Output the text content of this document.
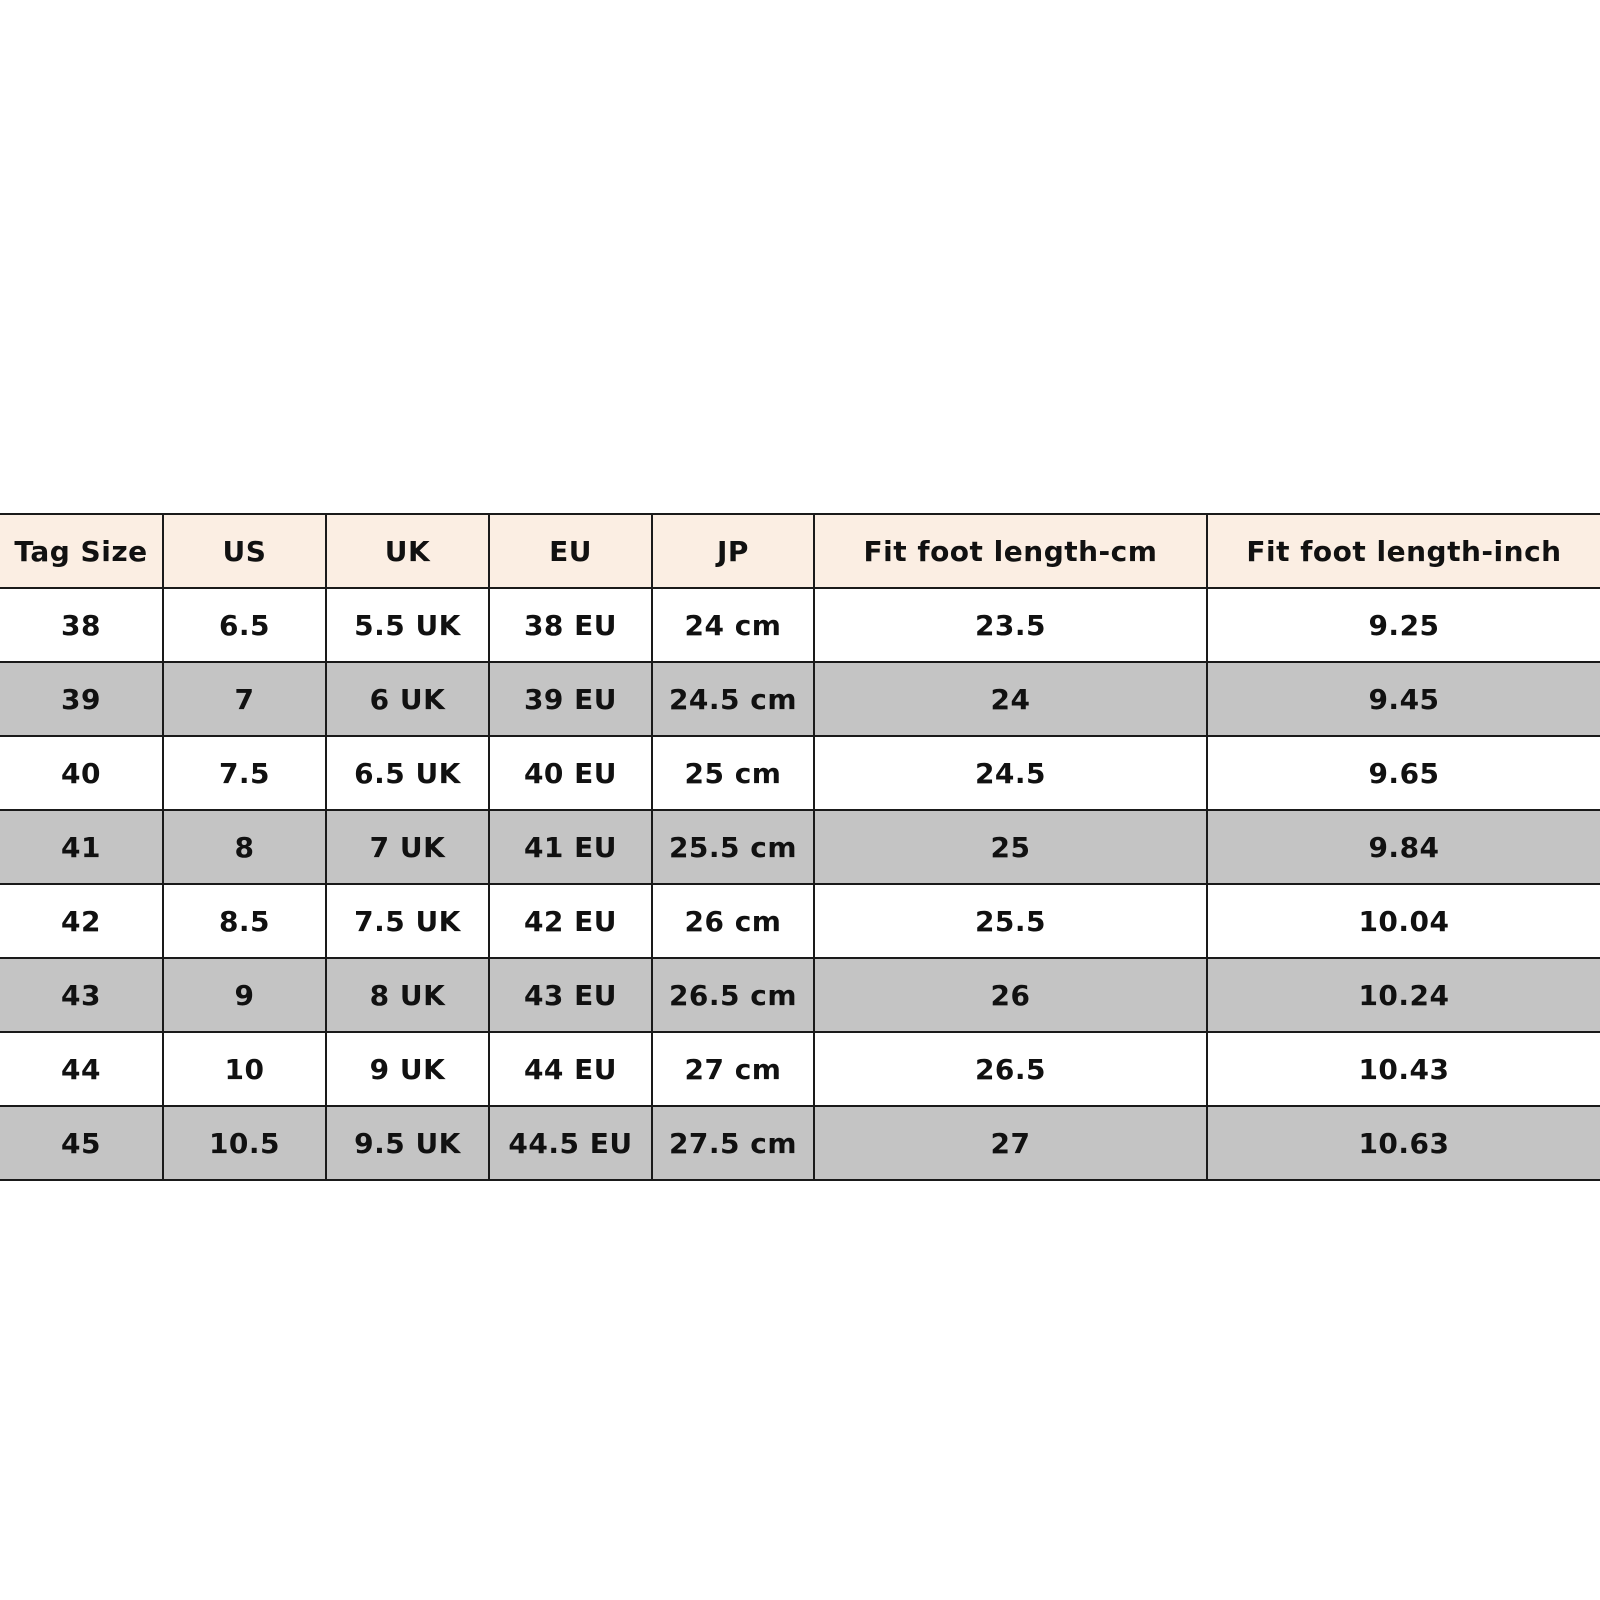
Tag Size	US	UK	EU	JP	Fit foot length-cm	Fit foot length-inch
38	6.5	5.5 UK	38 EU	24 cm	23.5	9.25
39	7	6 UK	39 EU	24.5 cm	24	9.45
40	7.5	6.5 UK	40 EU	25 cm	24.5	9.65
41	8	7 UK	41 EU	25.5 cm	25	9.84
42	8.5	7.5 UK	42 EU	26 cm	25.5	10.04
43	9	8 UK	43 EU	26.5 cm	26	10.24
44	10	9 UK	44 EU	27 cm	26.5	10.43
45	10.5	9.5 UK	44.5 EU	27.5 cm	27	10.63
